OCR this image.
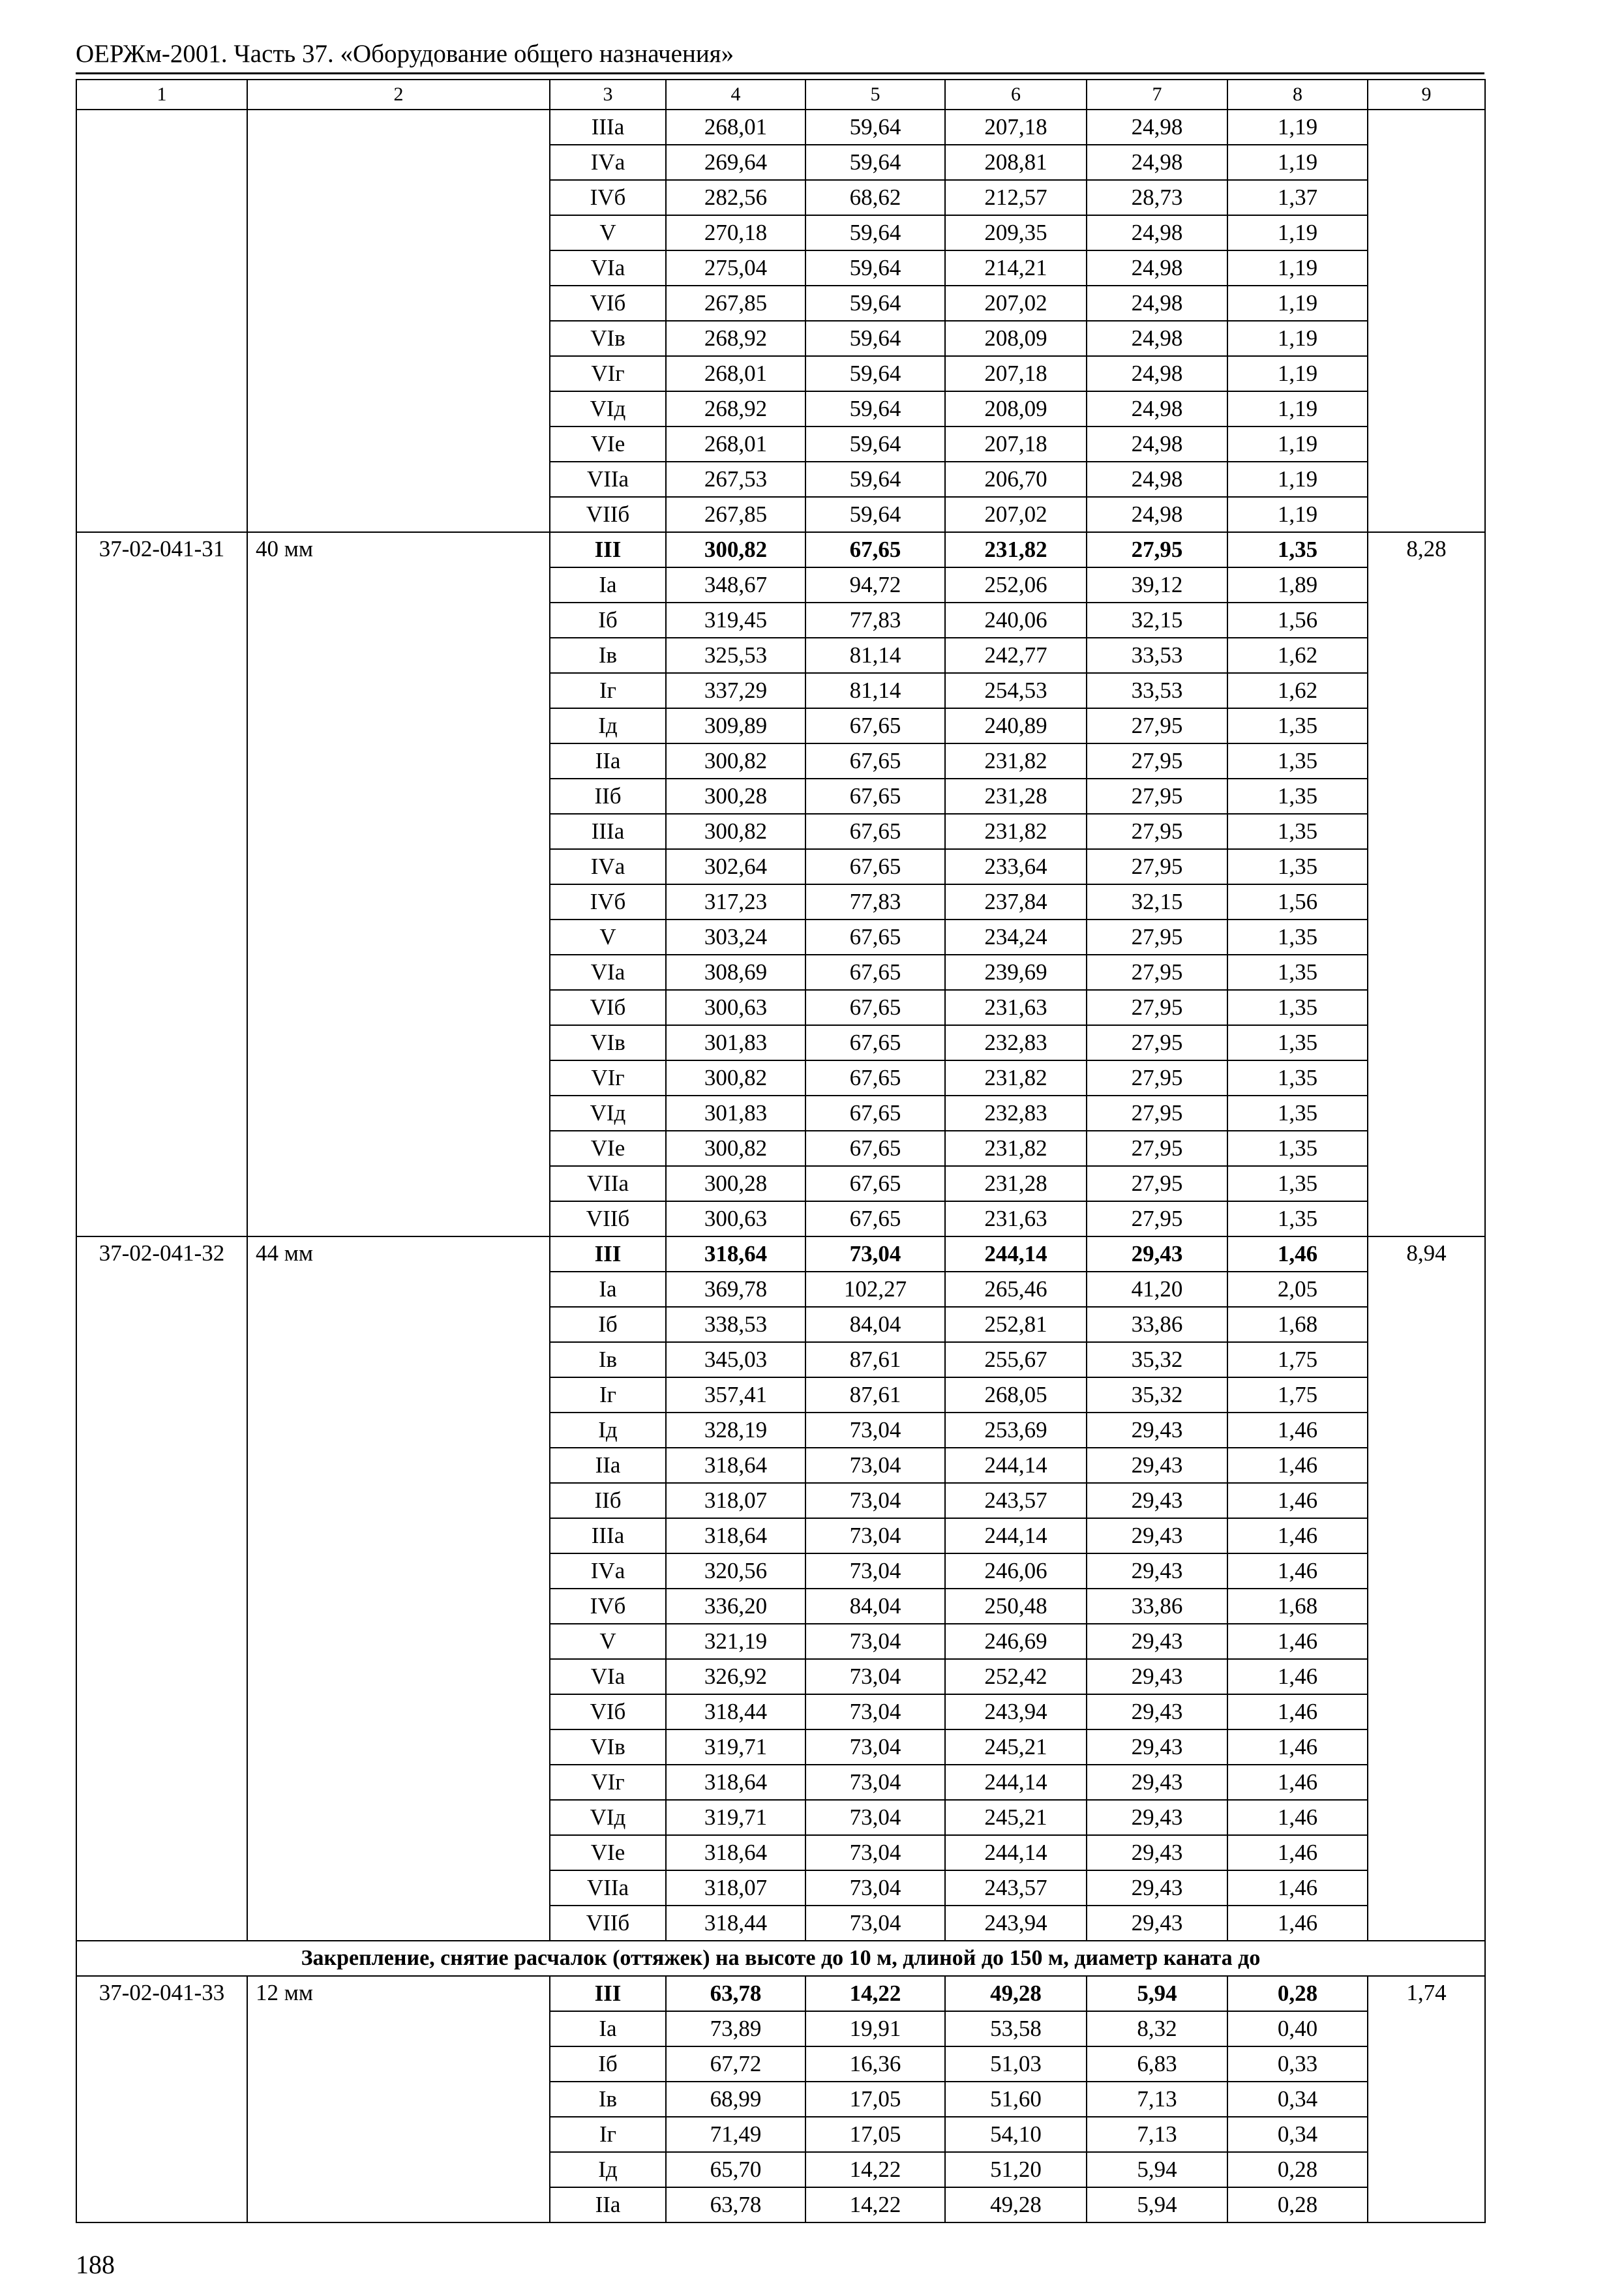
ОЕРЖм-2001. Часть 37. «Оборудование общего назначения»
1	2	3	4	5	6	7	8	9
		IIIа	268,01	59,64	207,18	24,98	1,19	
		IVа	269,64	59,64	208,81	24,98	1,19	
		IVб	282,56	68,62	212,57	28,73	1,37	
		V	270,18	59,64	209,35	24,98	1,19	
		VIа	275,04	59,64	214,21	24,98	1,19	
		VIб	267,85	59,64	207,02	24,98	1,19	
		VIв	268,92	59,64	208,09	24,98	1,19	
		VIг	268,01	59,64	207,18	24,98	1,19	
		VIд	268,92	59,64	208,09	24,98	1,19	
		VIе	268,01	59,64	207,18	24,98	1,19	
		VIIа	267,53	59,64	206,70	24,98	1,19	
		VIIб	267,85	59,64	207,02	24,98	1,19	
37-02-041-31	40 мм	III	300,82	67,65	231,82	27,95	1,35	8,28
		Iа	348,67	94,72	252,06	39,12	1,89	
		Iб	319,45	77,83	240,06	32,15	1,56	
		Iв	325,53	81,14	242,77	33,53	1,62	
		Iг	337,29	81,14	254,53	33,53	1,62	
		Iд	309,89	67,65	240,89	27,95	1,35	
		IIа	300,82	67,65	231,82	27,95	1,35	
		IIб	300,28	67,65	231,28	27,95	1,35	
		IIIа	300,82	67,65	231,82	27,95	1,35	
		IVа	302,64	67,65	233,64	27,95	1,35	
		IVб	317,23	77,83	237,84	32,15	1,56	
		V	303,24	67,65	234,24	27,95	1,35	
		VIа	308,69	67,65	239,69	27,95	1,35	
		VIб	300,63	67,65	231,63	27,95	1,35	
		VIв	301,83	67,65	232,83	27,95	1,35	
		VIг	300,82	67,65	231,82	27,95	1,35	
		VIд	301,83	67,65	232,83	27,95	1,35	
		VIе	300,82	67,65	231,82	27,95	1,35	
		VIIа	300,28	67,65	231,28	27,95	1,35	
		VIIб	300,63	67,65	231,63	27,95	1,35	
37-02-041-32	44 мм	III	318,64	73,04	244,14	29,43	1,46	8,94
		Iа	369,78	102,27	265,46	41,20	2,05	
		Iб	338,53	84,04	252,81	33,86	1,68	
		Iв	345,03	87,61	255,67	35,32	1,75	
		Iг	357,41	87,61	268,05	35,32	1,75	
		Iд	328,19	73,04	253,69	29,43	1,46	
		IIа	318,64	73,04	244,14	29,43	1,46	
		IIб	318,07	73,04	243,57	29,43	1,46	
		IIIа	318,64	73,04	244,14	29,43	1,46	
		IVа	320,56	73,04	246,06	29,43	1,46	
		IVб	336,20	84,04	250,48	33,86	1,68	
		V	321,19	73,04	246,69	29,43	1,46	
		VIа	326,92	73,04	252,42	29,43	1,46	
		VIб	318,44	73,04	243,94	29,43	1,46	
		VIв	319,71	73,04	245,21	29,43	1,46	
		VIг	318,64	73,04	244,14	29,43	1,46	
		VIд	319,71	73,04	245,21	29,43	1,46	
		VIе	318,64	73,04	244,14	29,43	1,46	
		VIIа	318,07	73,04	243,57	29,43	1,46	
		VIIб	318,44	73,04	243,94	29,43	1,46	
Закрепление, снятие расчалок (оттяжек) на высоте до 10 м, длиной до 150 м, диаметр каната до								
37-02-041-33	12 мм	III	63,78	14,22	49,28	5,94	0,28	1,74
		Iа	73,89	19,91	53,58	8,32	0,40	
		Iб	67,72	16,36	51,03	6,83	0,33	
		Iв	68,99	17,05	51,60	7,13	0,34	
		Iг	71,49	17,05	54,10	7,13	0,34	
		Iд	65,70	14,22	51,20	5,94	0,28	
		IIа	63,78	14,22	49,28	5,94	0,28	
188
